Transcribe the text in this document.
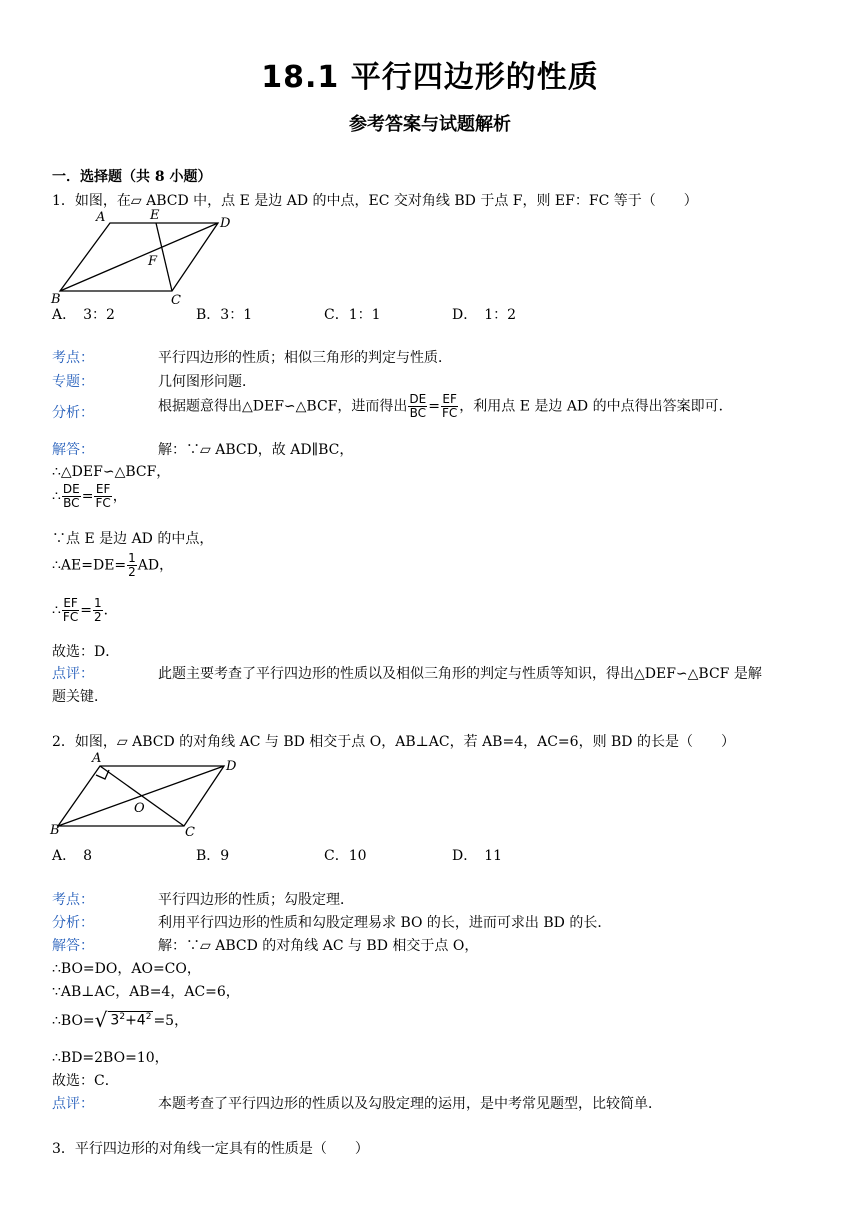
18.1 平行四边形的性质
参考答案与试题解析
一．选择题（共 8 小题）
1．如图，在▱ ABCD 中，点 E 是边 AD 的中点，EC 交对角线 BD 于点 F，则 EF：FC 等于（　　）
A	E
D
F
B	C
A．　3：2	B．3：1	C．1：1	D．　1：2
考点：	平行四边形的性质；相似三角形的判定与性质．
专题：	几何图形问题．
分析：	根据题意得出△DEF∽△BCF，进而得出 $\frac{DE}{BC} = \frac{EF}{FC}$ ，利用点 E 是边 AD 的中点得出答案即可．
解答：	解：∵▱ ABCD，故 AD∥BC，
∴△DEF∽△BCF，
∴ $\frac{DE}{BC} = \frac{EF}{FC}$ ，
∵点 E 是边 AD 的中点，
∴AE=DE= $\frac{1}{2}$ AD，
∴ $\frac{EF}{FC} = \frac{1}{2}$ ．
故选：D．
点评：	此题主要考查了平行四边形的性质以及相似三角形的判定与性质等知识，得出△DEF∽△BCF 是解
题关键．
2．如图，▱ ABCD 的对角线 AC 与 BD 相交于点 O，AB⊥AC，若 AB=4，AC=6，则 BD 的长是（　　）
A
D
O
B	C
A．　8	B．9	C．10	D．　11
考点：	平行四边形的性质；勾股定理．
分析：	利用平行四边形的性质和勾股定理易求 BO 的长，进而可求出 BD 的长．
解答：	解：∵▱ ABCD 的对角线 AC 与 BD 相交于点 O，
∴BO=DO，AO=CO，
∵AB⊥AC，AB=4，AC=6，
∴BO=√ $3^2+4^2 =5$，
∴BD=2BO=10，
故选：C．
点评：	本题考查了平行四边形的性质以及勾股定理的运用，是中考常见题型，比较简单．
3．平行四边形的对角线一定具有的性质是（　　）
